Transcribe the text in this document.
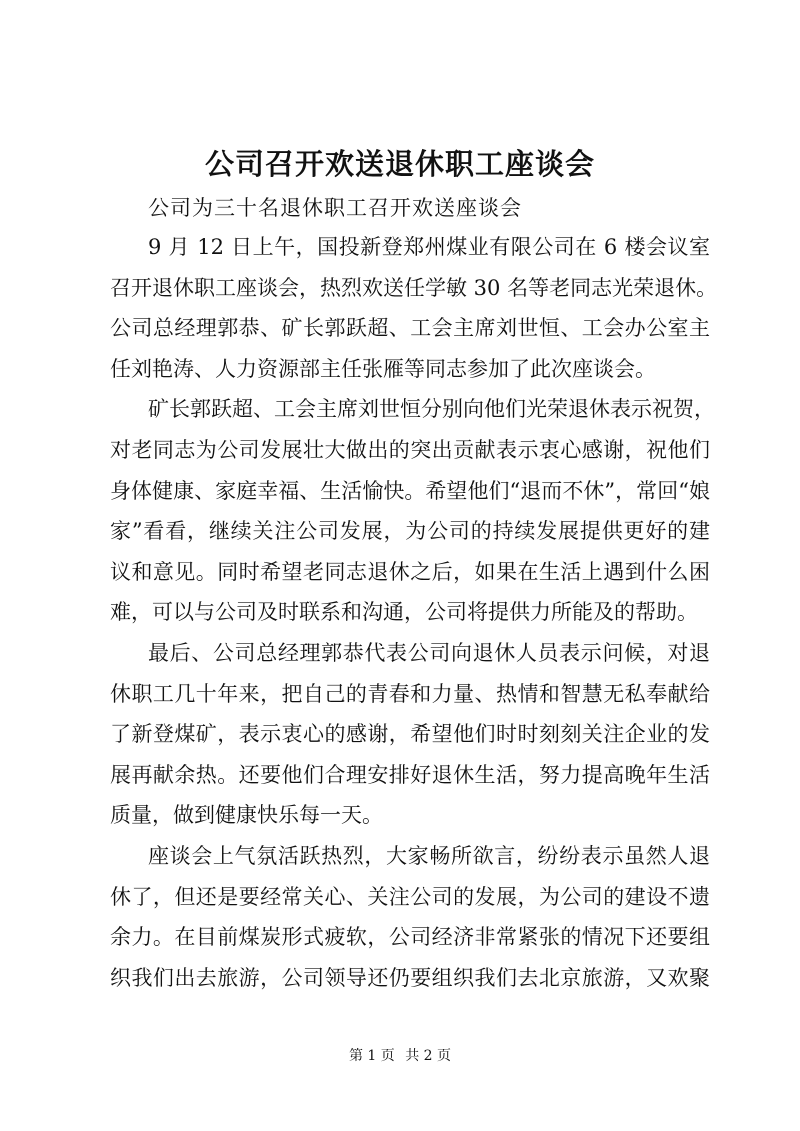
公司召开欢送退休职工座谈会
公司为三十名退休职工召开欢送座谈会

9 月 12 日上午，国投新登郑州煤业有限公司在 6 楼会议室
召开退休职工座谈会，热烈欢送任学敏 30 名等老同志光荣退休。
公司总经理郭恭、矿长郭跃超、工会主席刘世恒、工会办公室主
任刘艳涛、人力资源部主任张雁等同志参加了此次座谈会。

矿长郭跃超、工会主席刘世恒分别向他们光荣退休表示祝贺，
对老同志为公司发展壮大做出的突出贡献表示衷心感谢，祝他们
身体健康、家庭幸福、生活愉快。希望他们“退而不休”，常回“娘
家”看看，继续关注公司发展，为公司的持续发展提供更好的建
议和意见。同时希望老同志退休之后，如果在生活上遇到什么困
难，可以与公司及时联系和沟通，公司将提供力所能及的帮助。

最后、公司总经理郭恭代表公司向退休人员表示问候，对退
休职工几十年来，把自己的青春和力量、热情和智慧无私奉献给
了新登煤矿，表示衷心的感谢，希望他们时时刻刻关注企业的发
展再献余热。还要他们合理安排好退休生活，努力提高晚年生活
质量，做到健康快乐每一天。

座谈会上气氛活跃热烈，大家畅所欲言，纷纷表示虽然人退
休了，但还是要经常关心、关注公司的发展，为公司的建设不遗
余力。在目前煤炭形式疲软，公司经济非常紧张的情况下还要组
织我们出去旅游，公司领导还仍要组织我们去北京旅游，又欢聚

第 1 页 共 2 页
